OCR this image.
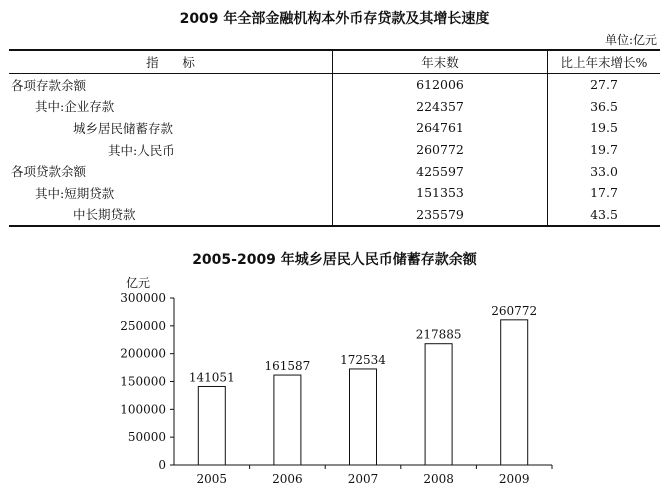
2009 年全部金融机构本外币存贷款及其增长速度
单位:亿元
指      标	年末数	比上年末增长%
各项存款余额	612006	27.7
其中:企业存款	224357	36.5
城乡居民储蓄存款	264761	19.5
其中:人民币	260772	19.7
各项贷款余额	425597	33.0
其中:短期贷款	151353	17.7
中长期贷款	235579	43.5
2005-2009 年城乡居民人民币储蓄存款余额
亿元
0
50000
100000
150000
200000
250000
300000
141051
2005
161587
2006
172534
2007
217885
2008
260772
2009
